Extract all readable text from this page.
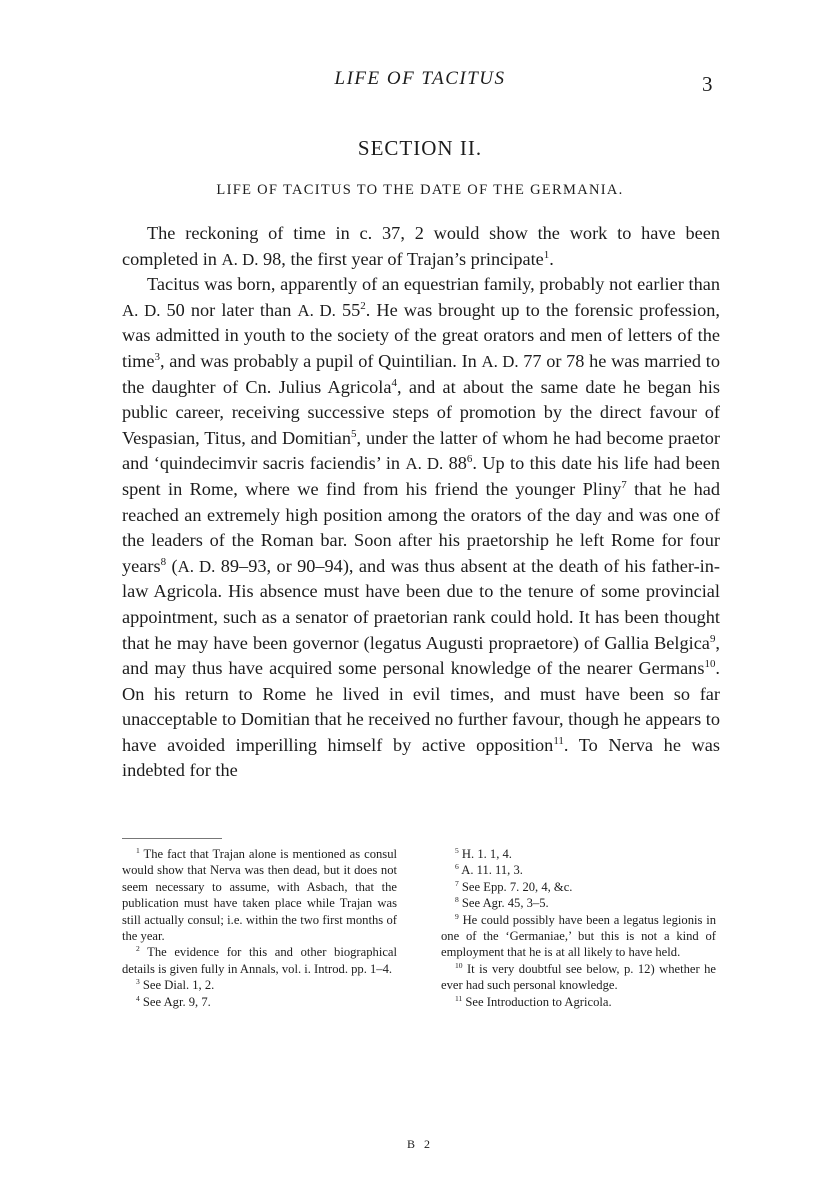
LIFE OF TACITUS	3
SECTION II.
LIFE OF TACITUS TO THE DATE OF THE GERMANIA.

The reckoning of time in c. 37, 2 would show the work to have been completed in A. D. 98, the first year of Trajan’s principate$^1$.

Tacitus was born, apparently of an equestrian family, probably not earlier than A. D. 50 nor later than A. D. $55^2$. He was brought up to the forensic profession, was admitted in youth to the society of the great orators and men of letters of the time$^3$, and was probably a pupil of Quintilian. In A. D. 77 or 78 he was married to the daughter of Cn. Julius Agricola$^4$, and at about the same date he began his public career, receiving successive steps of promotion by the direct favour of Vespasian, Titus, and Domitian$^5$, under the latter of whom he had become praetor and ‘quindecimvir sacris faciendis’ in A. D. $88^6$. Up to this date his life had been spent in Rome, where we find from his friend the younger Pliny$^7$ that he had reached an extremely high position among the orators of the day and was one of the leaders of the Roman bar. Soon after his praetorship he left Rome for four years$^8$ (A. D. 89–93, or 90–94), and was thus absent at the death of his father-in-law Agricola. His absence must have been due to the tenure of some provincial appointment, such as a senator of praetorian rank could hold. It has been thought that he may have been governor (legatus Augusti propraetore) of Gallia Belgica$^9$, and may thus have acquired some personal knowledge of the nearer Germans$^{10}$. On his return to Rome he lived in evil times, and must have been so far unacceptable to Domitian that he received no further favour, though he appears to have avoided imperilling himself by active opposition$^{11}$. To Nerva he was indebted for the

$^1$ The fact that Trajan alone is mentioned as consul would show that Nerva was then dead, but it does not seem necessary to assume, with Asbach, that the publication must have taken place while Trajan was still actually consul; i.e. within the two first months of the year.

$^2$ The evidence for this and other biographical details is given fully in Annals, vol. i. Introd. pp. 1–4.

$^3$ See Dial. 1, 2.

$^4$ See Agr. 9, 7.

$^5$ H. 1. 1, 4.

$^6$ A. 11. 11, 3.

$^7$ See Epp. 7. 20, 4, &c.

$^8$ See Agr. 45, 3–5.

$^9$ He could possibly have been a legatus legionis in one of the ‘Germaniae,’ but this is not a kind of employment that he is at all likely to have held.

$^{10}$ It is very doubtful see below, p. 12) whether he ever had such personal knowledge.

$^{11}$ See Introduction to Agricola.

B 2
